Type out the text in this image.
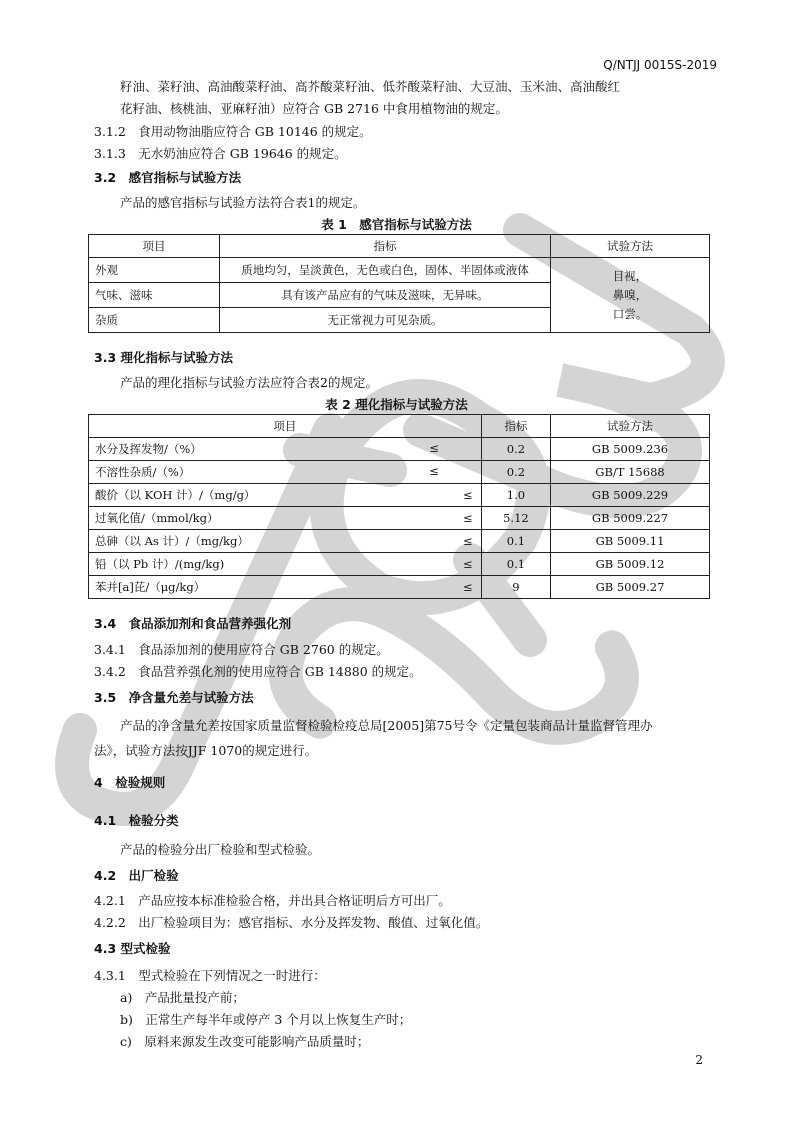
Q/NTJJ 0015S-2019
籽油、菜籽油、高油酸菜籽油、高芥酸菜籽油、低芥酸菜籽油、大豆油、玉米油、高油酸红
花籽油、核桃油、亚麻籽油）应符合 GB 2716 中食用植物油的规定。
3.1.2　食用动物油脂应符合 GB 10146 的规定。
3.1.3　无水奶油应符合 GB 19646 的规定。
3.2　感官指标与试验方法
产品的感官指标与试验方法符合表1的规定。
表 1　感官指标与试验方法
项目	指标	试验方法
外观	质地均匀，呈淡黄色，无色或白色，固体、半固体或液体	目视，
鼻嗅，
口尝。

气味、滋味	具有该产品应有的气味及滋味，无异味。	
杂质	无正常视力可见杂质。	
3.3 理化指标与试验方法
产品的理化指标与试验方法应符合表2的规定。
表 2 理化指标与试验方法
项目		指标	试验方法
水分及挥发物/（%） ≤		0.2	GB 5009.236
不溶性杂质/（%） ≤		0.2	GB/T 15688
酸价（以 KOH 计）/（mg/g）	≤	1.0	GB 5009.229
过氧化值/（mmol/kg）	≤	5.12	GB 5009.227
总砷（以 As 计）/（mg/kg）	≤	0.1	GB 5009.11
铅（以 Pb 计）/(mg/kg)	≤	0.1	GB 5009.12
苯并[a]芘/（μg/kg）	≤	9	GB 5009.27
3.4　食品添加剂和食品营养强化剂
3.4.1　食品添加剂的使用应符合 GB 2760 的规定。
3.4.2　食品营养强化剂的使用应符合 GB 14880 的规定。
3.5　净含量允差与试验方法
产品的净含量允差按国家质量监督检验检疫总局[2005]第75号令《定量包装商品计量监督管理办
法》，试验方法按JJF 1070的规定进行。
4　检验规则
4.1　检验分类
产品的检验分出厂检验和型式检验。
4.2　出厂检验
4.2.1　产品应按本标准检验合格，并出具合格证明后方可出厂。
4.2.2　出厂检验项目为：感官指标、水分及挥发物、酸值、过氧化值。
4.3 型式检验
4.3.1　型式检验在下列情况之一时进行：
a)　产品批量投产前；
b)　正常生产每半年或停产 3 个月以上恢复生产时；
c)　原料来源发生改变可能影响产品质量时；
2
